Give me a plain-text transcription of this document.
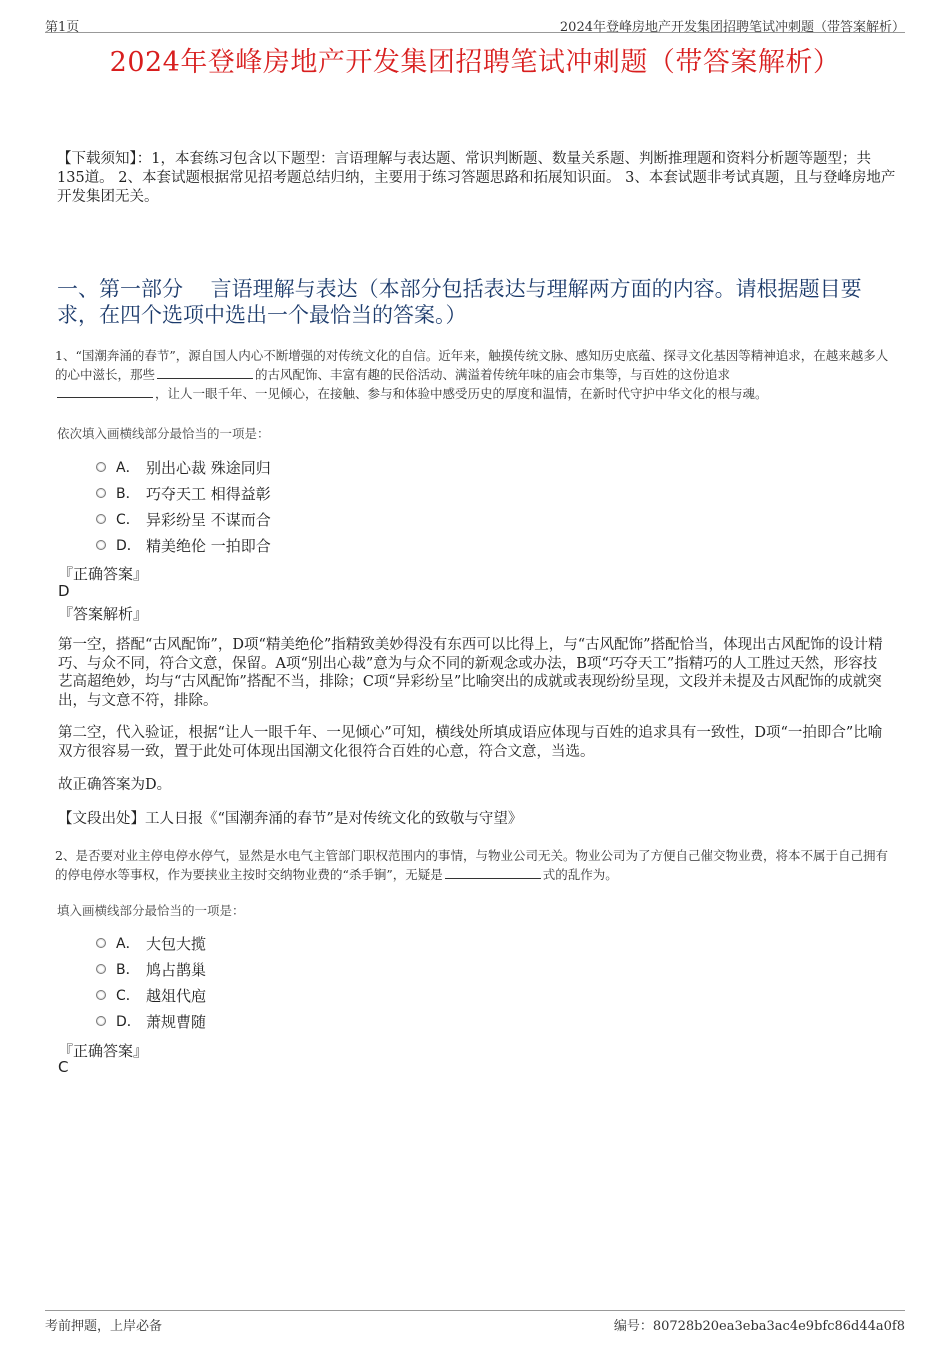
第1页	2024年登峰房地产开发集团招聘笔试冲刺题（带答案解析）
2024年登峰房地产开发集团招聘笔试冲刺题（带答案解析）
【下载须知】：1，本套练习包含以下题型：言语理解与表达题、常识判断题、数量关系题、判断推理题和资料分析题等题型；共135道。 2、本套试题根据常见招考题总结归纳，主要用于练习答题思路和拓展知识面。 3、本套试题非考试真题，且与登峰房地产开发集团无关。
一、第一部分　 言语理解与表达（本部分包括表达与理解两方面的内容。请根据题目要求，在四个选项中选出一个最恰当的答案。）
1、“国潮奔涌的春节”，源自国人内心不断增强的对传统文化的自信。近年来，触摸传统文脉、感知历史底蕴、探寻文化基因等精神追求，在越来越多人的心中滋长，那些	的古风配饰、丰富有趣的民俗活动、满溢着传统年味的庙会市集等，与百姓的这份追求
，让人一眼千年、一见倾心，在接触、参与和体验中感受历史的厚度和温情，在新时代守护中华文化的根与魂。
依次填入画横线部分最恰当的一项是：
A． 别出心裁 殊途同归
B． 巧夺天工 相得益彰
C． 异彩纷呈 不谋而合
D． 精美绝伦 一拍即合
『正确答案』
D
『答案解析』
第一空，搭配“古风配饰”，D项“精美绝伦”指精致美妙得没有东西可以比得上，与“古风配饰”搭配恰当，体现出古风配饰的设计精巧、与众不同，符合文意，保留。A项“别出心裁”意为与众不同的新观念或办法，B项“巧夺天工”指精巧的人工胜过天然，形容技艺高超绝妙，均与“古风配饰”搭配不当，排除；C项“异彩纷呈”比喻突出的成就或表现纷纷呈现，文段并未提及古风配饰的成就突出，与文意不符，排除。
第二空，代入验证，根据“让人一眼千年、一见倾心”可知，横线处所填成语应体现与百姓的追求具有一致性，D项“一拍即合”比喻双方很容易一致，置于此处可体现出国潮文化很符合百姓的心意，符合文意，当选。
故正确答案为D。
【文段出处】工人日报《“国潮奔涌的春节”是对传统文化的致敬与守望》
2、是否要对业主停电停水停气，显然是水电气主管部门职权范围内的事情，与物业公司无关。物业公司为了方便自己催交物业费，将本不属于自己拥有的停电停水等事权，作为要挟业主按时交纳物业费的“杀手锏”，无疑是	式的乱作为。
填入画横线部分最恰当的一项是：
A． 大包大揽
B． 鸠占鹊巢
C． 越俎代庖
D． 萧规曹随
『正确答案』
C
考前押题，上岸必备	编号：80728b20ea3eba3ac4e9bfc86d44a0f8
